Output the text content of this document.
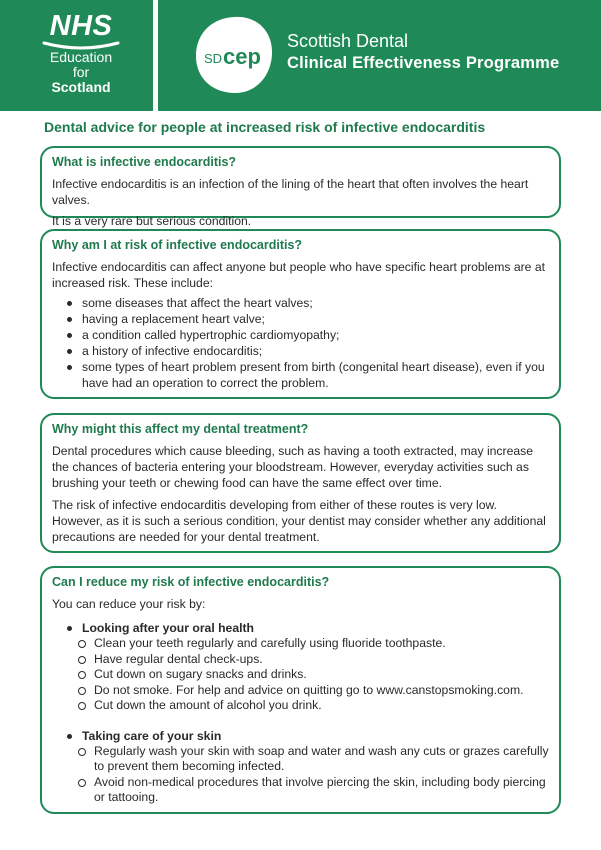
NHS
Education
for
Scotland
SD cep
Scottish Dental
Clinical Effectiveness Programme
Dental advice for people at increased risk of infective endocarditis
What is infective endocarditis?

Infective endocarditis is an infection of the lining of the heart that often involves the heart valves.

It is a very rare but serious condition.

Why am I at risk of infective endocarditis?

Infective endocarditis can affect anyone but people who have specific heart problems are at increased risk. These include:

some diseases that affect the heart valves;
having a replacement heart valve;
a condition called hypertrophic cardiomyopathy;
a history of infective endocarditis;
some types of heart problem present from birth (congenital heart disease), even if you have had an operation to correct the problem.
Why might this affect my dental treatment?

Dental procedures which cause bleeding, such as having a tooth extracted, may increase the chances of bacteria entering your bloodstream. However, everyday activities such as brushing your teeth or chewing food can have the same effect over time.

The risk of infective endocarditis developing from either of these routes is very low. However, as it is such a serious condition, your dentist may consider whether any additional precautions are needed for your dental treatment.

Can I reduce my risk of infective endocarditis?

You can reduce your risk by:

Looking after your oral health
Clean your teeth regularly and carefully using fluoride toothpaste.
Have regular dental check-ups.
Cut down on sugary snacks and drinks.
Do not smoke. For help and advice on quitting go to www.canstopsmoking.com.
Cut down the amount of alcohol you drink.
Taking care of your skin
Regularly wash your skin with soap and water and wash any cuts or grazes carefully to prevent them becoming infected.
Avoid non-medical procedures that involve piercing the skin, including body piercing or tattooing.
